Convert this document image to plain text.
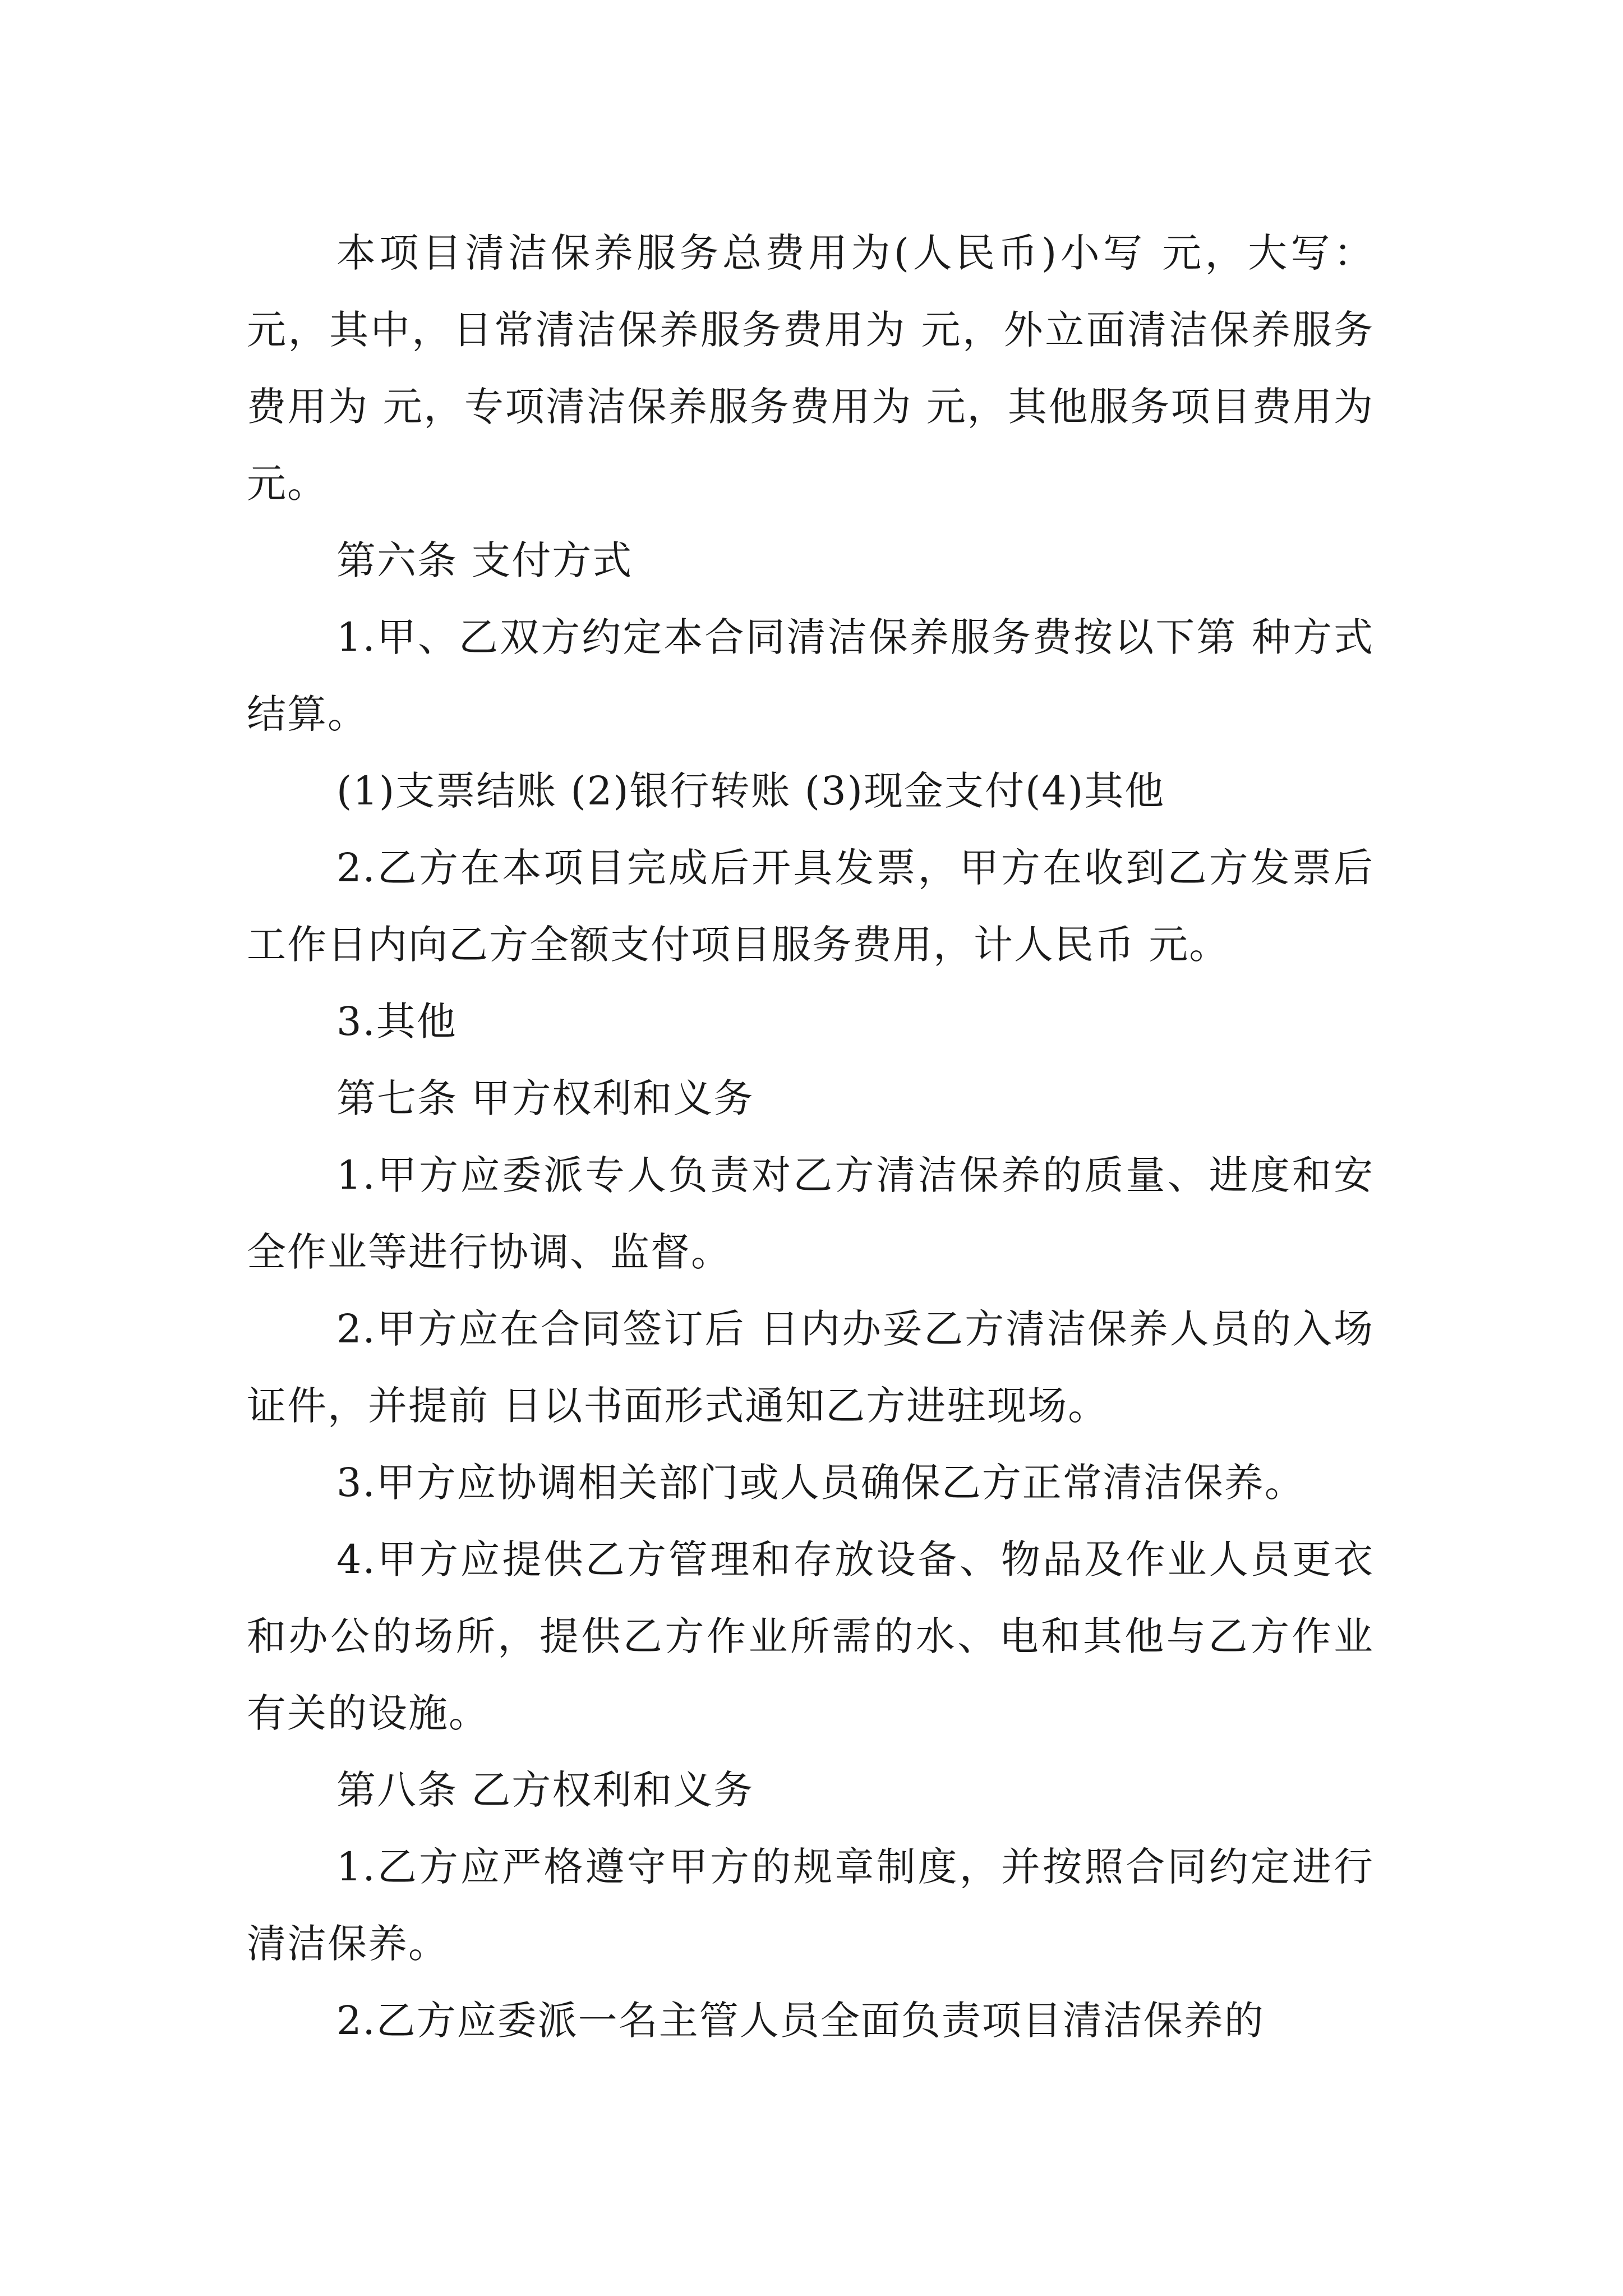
本项目清洁保养服务总费用为(人民币)小写 元，大写：元，其中，日常清洁保养服务费用为 元，外立面清洁保养服务费用为 元，专项清洁保养服务费用为 元，其他服务项目费用为 元。

第六条 支付方式

1.甲、乙双方约定本合同清洁保养服务费按以下第 种方式结算。

(1)支票结账 (2)银行转账 (3)现金支付(4)其他

2.乙方在本项目完成后开具发票，甲方在收到乙方发票后 工作日内向乙方全额支付项目服务费用，计人民币 元。

3.其他

第七条 甲方权利和义务

1.甲方应委派专人负责对乙方清洁保养的质量、进度和安全作业等进行协调、监督。

2.甲方应在合同签订后 日内办妥乙方清洁保养人员的入场证件，并提前 日以书面形式通知乙方进驻现场。

3.甲方应协调相关部门或人员确保乙方正常清洁保养。

4.甲方应提供乙方管理和存放设备、物品及作业人员更衣和办公的场所，提供乙方作业所需的水、电和其他与乙方作业有关的设施。

第八条 乙方权利和义务

1.乙方应严格遵守甲方的规章制度，并按照合同约定进行清洁保养。

2.乙方应委派一名主管人员全面负责项目清洁保养的
